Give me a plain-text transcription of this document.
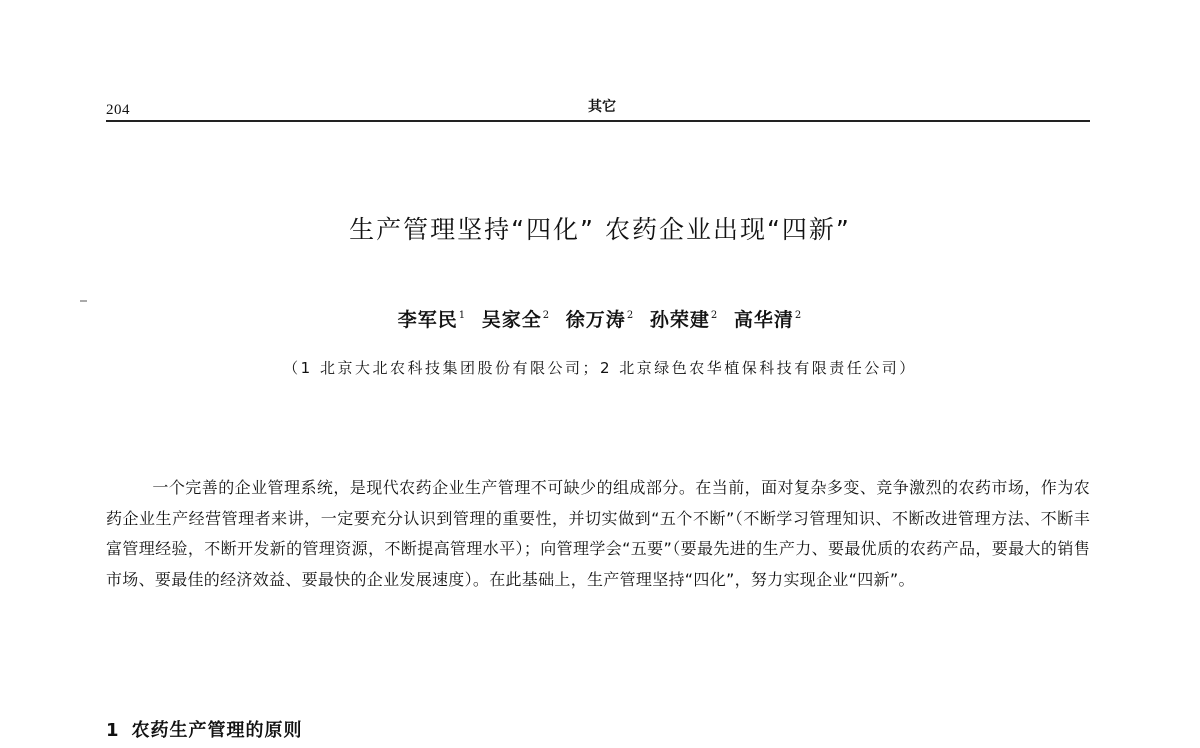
204	其它
生产管理坚持“四化” 农药企业出现“四新”
李军民$^1$ 吴家全$^2$ 徐万涛$^2$ 孙荣建$^2$ 高华清$^2$
（1 北京大北农科技集团股份有限公司；2 北京绿色农华植保科技有限责任公司）

一个完善的企业管理系统，是现代农药企业生产管理不可缺少的组成部分。在当前，面对复杂多变、竞争激烈的农药市场，作为农药企业生产经营管理者来讲，一定要充分认识到管理的重要性，并切实做到“五个不断”（不断学习管理知识、不断改进管理方法、不断丰富管理经验，不断开发新的管理资源，不断提高管理水平）；向管理学会“五要”（要最先进的生产力、要最优质的农药产品，要最大的销售市场、要最佳的经济效益、要最快的企业发展速度）。在此基础上，生产管理坚持“四化”，努力实现企业“四新”。

1 农药生产管理的原则
